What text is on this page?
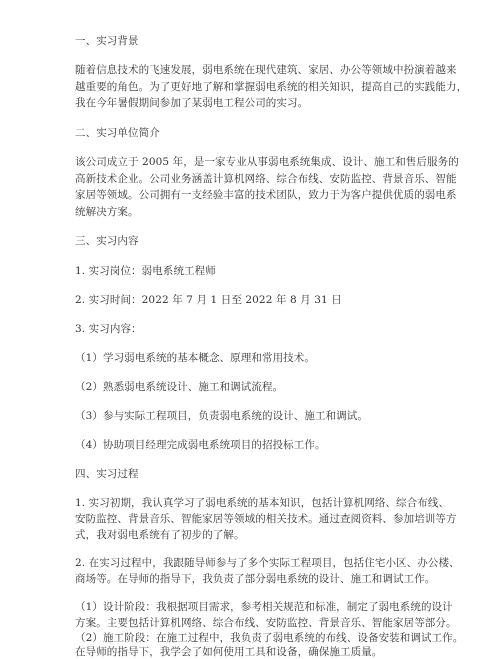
一、实习背景
随着信息技术的飞速发展，弱电系统在现代建筑、家居、办公等领域中扮演着越来
越重要的角色。为了更好地了解和掌握弱电系统的相关知识，提高自己的实践能力，
我在今年暑假期间参加了某弱电工程公司的实习。
二、实习单位简介
该公司成立于 2005 年，是一家专业从事弱电系统集成、设计、施工和售后服务的
高新技术企业。公司业务涵盖计算机网络、综合布线、安防监控、背景音乐、智能
家居等领域。公司拥有一支经验丰富的技术团队，致力于为客户提供优质的弱电系
统解决方案。
三、实习内容
1. 实习岗位：弱电系统工程师
2. 实习时间：2022 年 7 月 1 日至 2022 年 8 月 31 日
3. 实习内容：
（1）学习弱电系统的基本概念、原理和常用技术。
（2）熟悉弱电系统设计、施工和调试流程。
（3）参与实际工程项目，负责弱电系统的设计、施工和调试。
（4）协助项目经理完成弱电系统项目的招投标工作。
四、实习过程
1. 实习初期，我认真学习了弱电系统的基本知识，包括计算机网络、综合布线、
安防监控、背景音乐、智能家居等领域的相关技术。通过查阅资料、参加培训等方
式，我对弱电系统有了初步的了解。
2. 在实习过程中，我跟随导师参与了多个实际工程项目，包括住宅小区、办公楼、
商场等。在导师的指导下，我负责了部分弱电系统的设计、施工和调试工作。
（1）设计阶段：我根据项目需求，参考相关规范和标准，制定了弱电系统的设计
方案。主要包括计算机网络、综合布线、安防监控、背景音乐、智能家居等部分。
（2）施工阶段：在施工过程中，我负责了弱电系统的布线、设备安装和调试工作。
在导师的指导下，我学会了如何使用工具和设备，确保施工质量。
